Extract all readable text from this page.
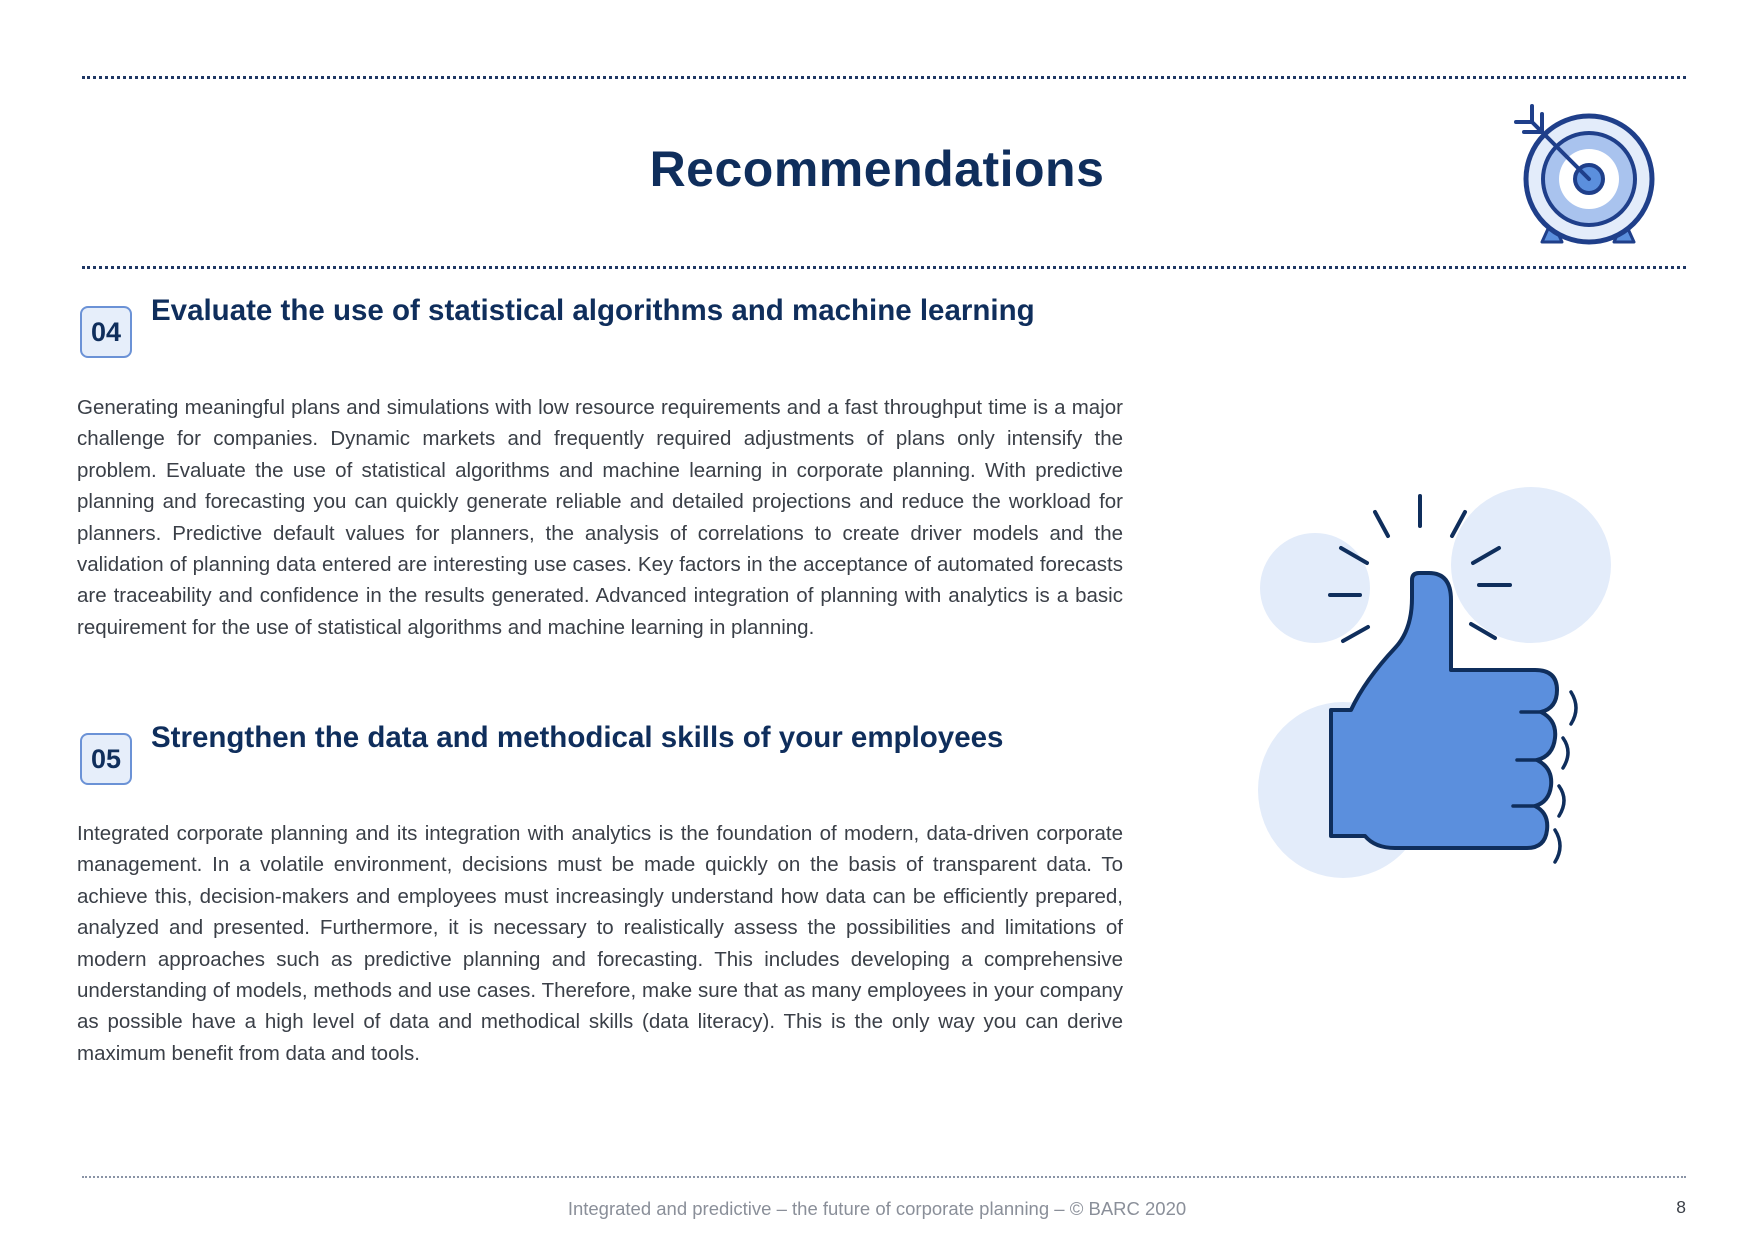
Recommendations
04
Evaluate the use of statistical algorithms and machine learning

Generating meaningful plans and simulations with low resource requirements and a fast throughput time is a major challenge for companies. Dynamic markets and frequently required adjustments of plans only intensify the problem. Evaluate the use of statistical algorithms and machine learning in corporate planning. With predictive planning and forecasting you can quickly generate reliable and detailed projections and reduce the workload for planners. Predictive default values for planners, the analysis of correlations to create driver models and the validation of planning data entered are interesting use cases. Key factors in the acceptance of automated forecasts are traceability and confidence in the results generated. Advanced integration of planning with analytics is a basic requirement for the use of statistical algorithms and machine learning in planning.

05
Strengthen the data and methodical skills of your employees

Integrated corporate planning and its integration with analytics is the foundation of modern, data-driven corporate management. In a volatile environment, decisions must be made quickly on the basis of transparent data. To achieve this, decision-makers and employees must increasingly understand how data can be efficiently prepared, analyzed and presented. Furthermore, it is necessary to realistically assess the possibilities and limitations of modern approaches such as predictive planning and forecasting. This includes developing a comprehensive understanding of models, methods and use cases. Therefore, make sure that as many employees in your company as possible have a high level of data and methodical skills (data literacy). This is the only way you can derive maximum benefit from data and tools.

Integrated and predictive – the future of corporate planning – © BARC 2020	8
